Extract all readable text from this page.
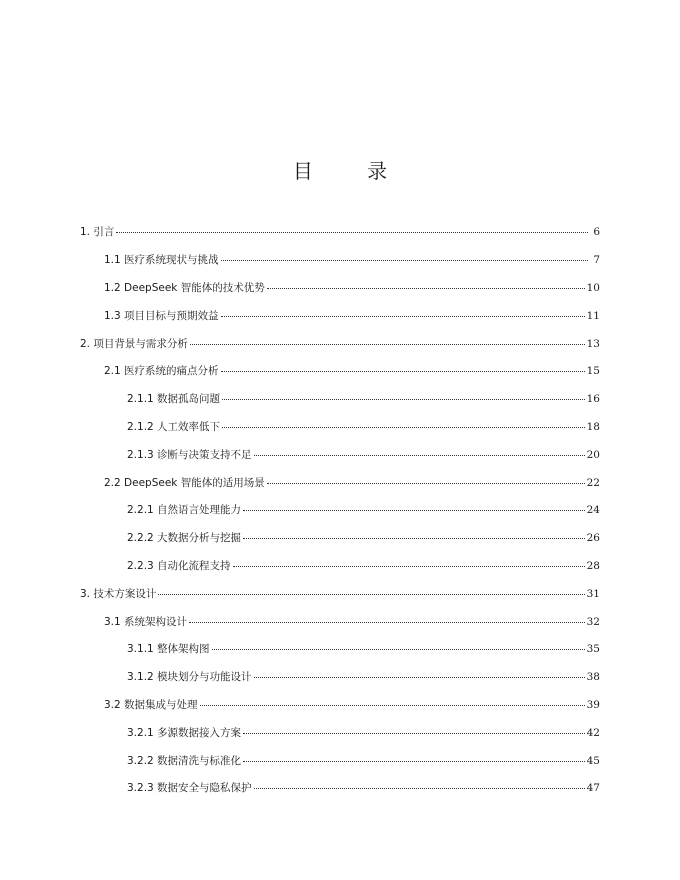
目 录
1. 引言	6
1.1 医疗系统现状与挑战	7
1.2 DeepSeek 智能体的技术优势	10
1.3 项目目标与预期效益	11
2. 项目背景与需求分析	13
2.1 医疗系统的痛点分析	15
2.1.1 数据孤岛问题	16
2.1.2 人工效率低下	18
2.1.3 诊断与决策支持不足	20
2.2 DeepSeek 智能体的适用场景	22
2.2.1 自然语言处理能力	24
2.2.2 大数据分析与挖掘	26
2.2.3 自动化流程支持	28
3. 技术方案设计	31
3.1 系统架构设计	32
3.1.1 整体架构图	35
3.1.2 模块划分与功能设计	38
3.2 数据集成与处理	39
3.2.1 多源数据接入方案	42
3.2.2 数据清洗与标准化	45
3.2.3 数据安全与隐私保护	47
